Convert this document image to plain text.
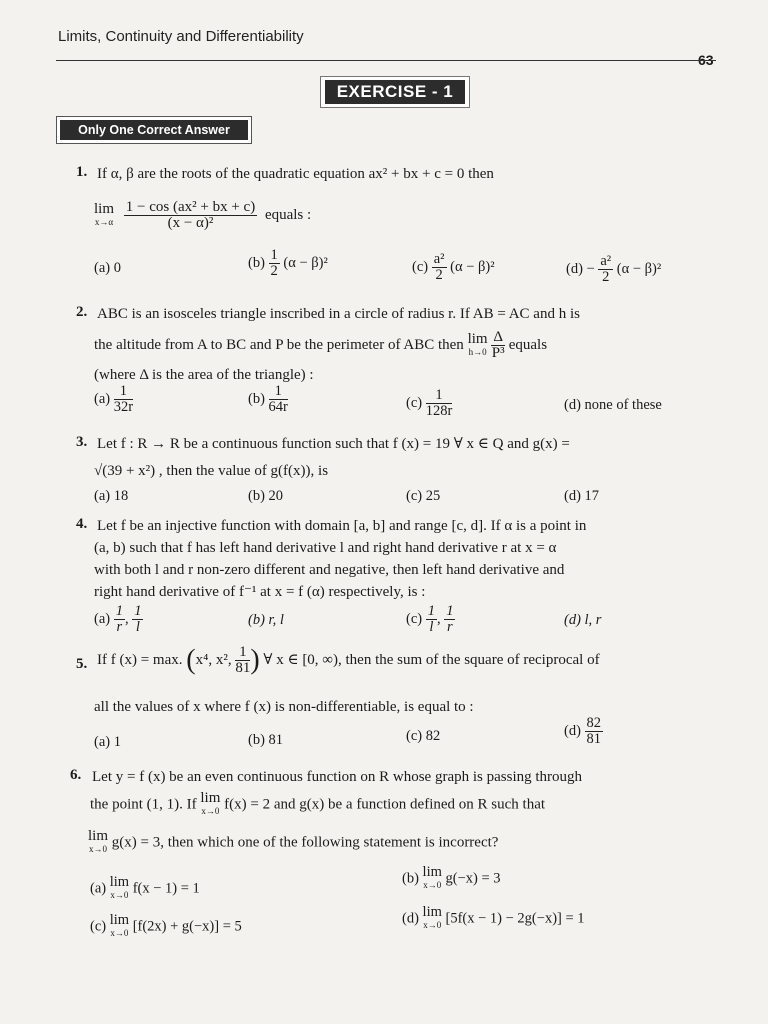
Limits, Continuity and Differentiability
63
EXERCISE - 1
Only One Correct Answer
1. If α, β are the roots of the quadratic equation ax² + bx + c = 0 then
lim
x→α
$\frac{\text{1 − cos (ax² + bx + c)}}{\text{(x − α)²}}$ equals :
(a) 0	$(b) \frac{1}{2} (\alpha - \beta)^2$	$(c) \frac{\text{a²}}{2} (\alpha - \beta)^2$	$(d) - \frac{\text{a²}}{2} (\alpha - \beta)^2$
2. ABC is an isosceles triangle inscribed in a circle of radius r. If AB = AC and h is
the altitude from A to BC and P be the perimeter of ABC then lim
h→0
$\frac{\Delta}{\text{P³}}$ equals
(where Δ is the area of the triangle) :
$(a) \frac{1}{32r}$	$(b) \frac{1}{64r}$	$(c) \frac{1}{128r}$	(d) none of these
3. Let f : R → R be a continuous function such that f (x) = 19 ∀ x ∈ Q and g(x) =
√(39 + x²) , then the value of g(f(x)), is
(a) 18	(b) 20	(c) 25	(d) 17
4. Let f be an injective function with domain [a, b] and range [c, d]. If α is a point in
(a, b) such that f has left hand derivative l and right hand derivative r at x = α
with both l and r non-zero different and negative, then left hand derivative and
right hand derivative of f⁻¹ at x = f (α) respectively, is :
$(a) \frac{1}{r}$ , $\frac{1}{l}$	(b) r, l	$(c) \frac{1}{l}$ , $\frac{1}{r}$	(d) l, r
5. If f (x) = max. (x⁴, x², $\frac{1}{81}$ ) ∀ x ∈ [0, ∞), then the sum of the square of reciprocal of
all the values of x where f (x) is non-differentiable, is equal to :
(a) 1	(b) 81	(c) 82	$(d) \frac{82}{81}$
6. Let y = f (x) be an even continuous function on R whose graph is passing through
the point (1, 1). If lim
x→0 f(x) = 2 and g(x) be a function defined on R such that
lim
x→0 g(x) = 3, then which one of the following statement is incorrect?
(a) lim
x→0 f(x − 1) = 1
(b) lim
x→0 g(−x) = 3
(c) lim
x→0 [f(2x) + g(−x)] = 5	(d) lim
x→0 [5f(x − 1) − 2g(−x)] = 1
